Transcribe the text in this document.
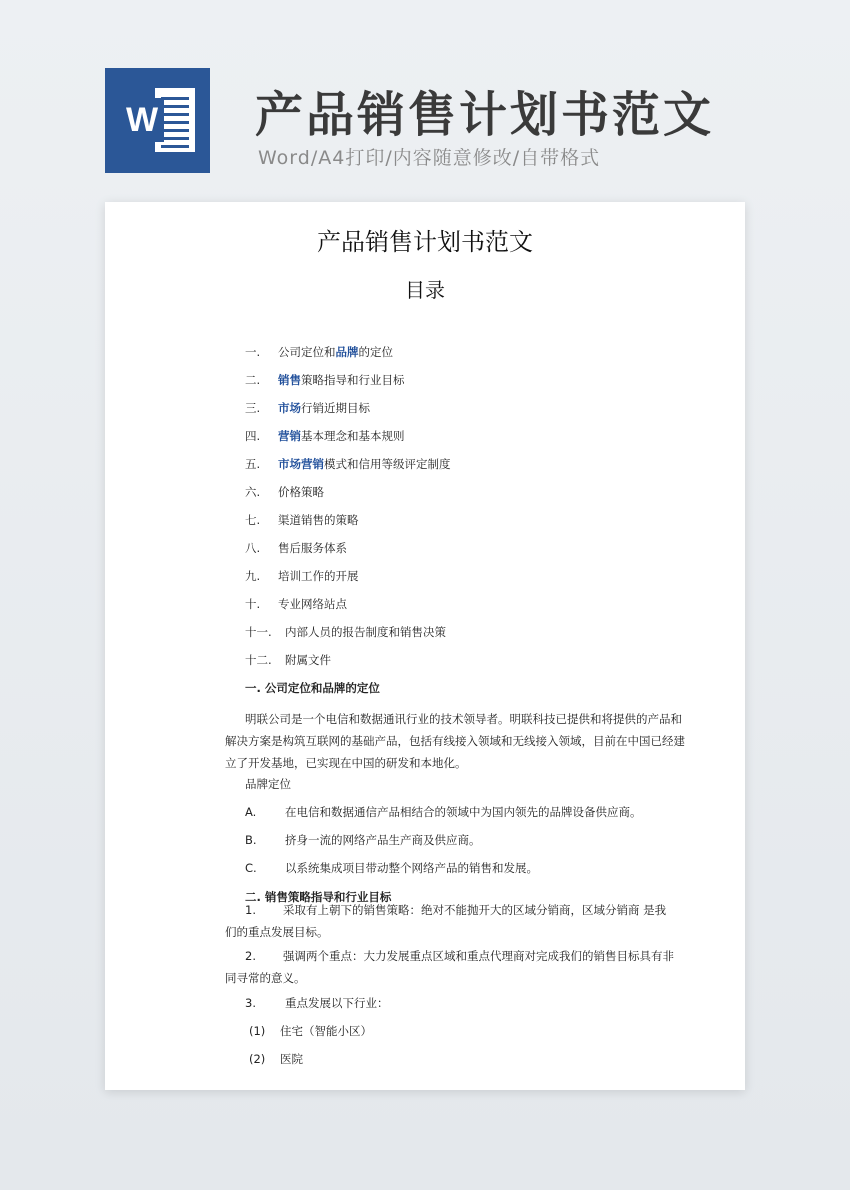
W 产品销售计划书范文
Word/A4打印/内容随意修改/自带格式
产品销售计划书范文
目录
一. 公司定位和品牌的定位
二. 销售策略指导和行业目标
三. 市场行销近期目标
四. 营销基本理念和基本规则
五. 市场营销模式和信用等级评定制度
六. 价格策略
七. 渠道销售的策略
八. 售后服务体系
九. 培训工作的开展
十. 专业网络站点
十一. 内部人员的报告制度和销售决策
十二. 附属文件
一. 公司定位和品牌的定位
明联公司是一个电信和数据通讯行业的技术领导者。明联科技已提供和将提供的产品和
解决方案是构筑互联网的基础产品，包括有线接入领域和无线接入领域，目前在中国已经建
立了开发基地，已实现在中国的研发和本地化。
品牌定位
A. 在电信和数据通信产品相结合的领域中为国内领先的品牌设备供应商。
B. 挤身一流的网络产品生产商及供应商。
C. 以系统集成项目带动整个网络产品的销售和发展。
二. 销售策略指导和行业目标
1. 采取有上朝下的销售策略：绝对不能抛开大的区域分销商，区域分销商 是我
们的重点发展目标。
2. 强调两个重点：大力发展重点区域和重点代理商对完成我们的销售目标具有非
同寻常的意义。
3.	重点发展以下行业：
(1) 住宅（智能小区）
(2) 医院
